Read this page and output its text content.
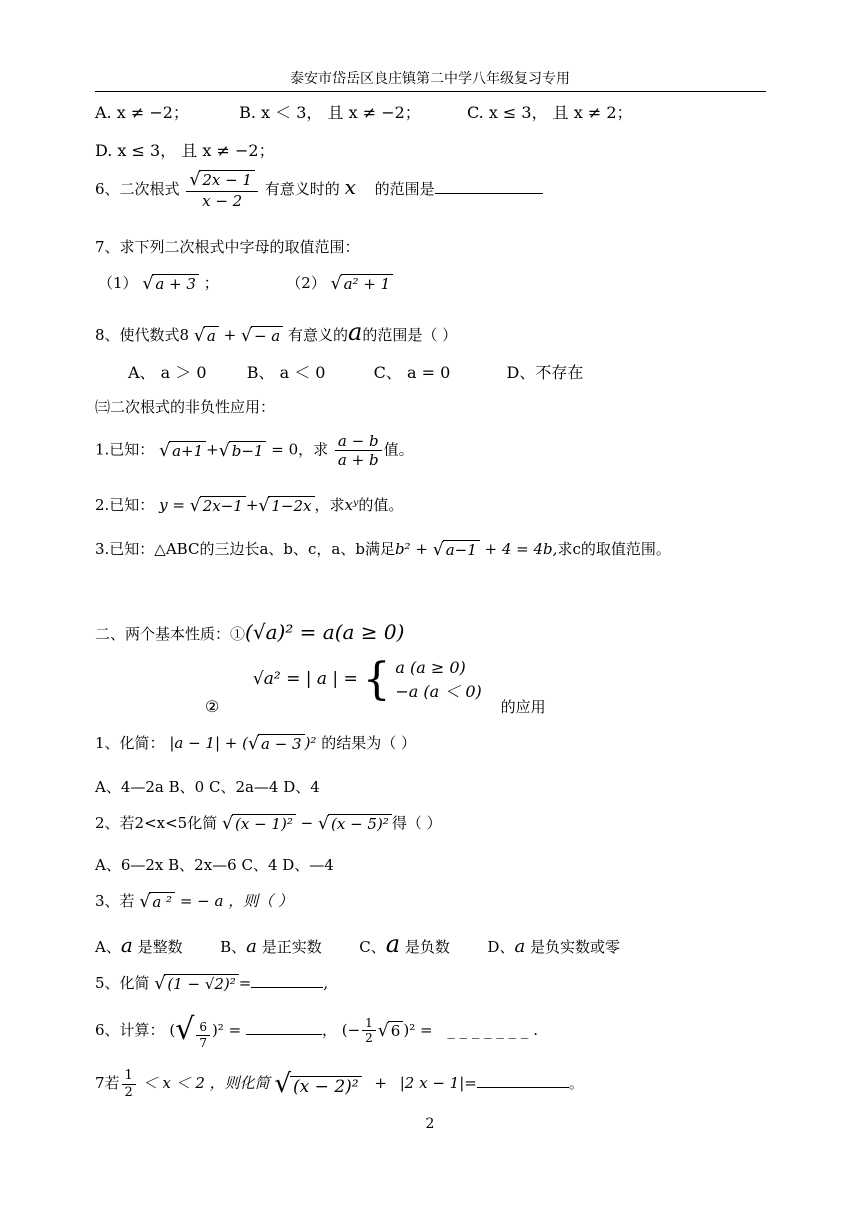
泰安市岱岳区良庄镇第二中学八年级复习专用
A. x ≠ −2；	B. x ＜ 3， 且 x ≠ −2；	C. x ≤ 3， 且 x ≠ 2；
D. x ≤ 3， 且 x ≠ −2；
6、二次根式 $\frac{√ 2x - 1}{x - 2}$ 有意义时的 x 的范围是
7、求下列二次根式中字母的取值范围：
（1） √ a + 3 ；	（2） √ a² + 1
8、使代数式8 √ a + √ − a 有意义的a的范围是（ ）
A、 a ＞ 0	B、 a ＜ 0	C、 a = 0	D、不存在
㈢二次根式的非负性应用：
1.已知： √ a+1 +√ b−1 = 0，求 $\frac{a - b}{a + b}$ 值。
2.已知： y = √ 2x−1 +√ 1−2x ，求xʸ的值。
3.已知：△ABC的三边长a、b、c，a、b满足b² + √ a−1 + 4 = 4b,求c的取值范围。
二、两个基本性质：①(√a)² = a(a ≥ 0)
②  √a² = | a | = { a (a ≥ 0)
−a (a ＜ 0)
的应用
1、化简： |a − 1| + (√ a − 3 )² 的结果为（ ）
A、4—2a B、0 C、2a—4 D、4
2、若2<x<5化简 √ (x − 1)² − √ (x − 5)² 得（ ）
A、6—2x B、2x—6 C、4 D、—4
3、若 √ a ² = − a ，则（ ）
A、a 是整数	B、a 是正实数	C、a 是负数	D、a 是负实数或零
5、化简 √ (1 − √2)² =	,
6、计算： (√ $\frac{6}{7} )^2$ =	， (− $\frac{1}{2}$ √ 6 )² = _ _ _ _ _ _ _ .
7若 $\frac{1}{2} < x < 2$ ，则化简 √ (x − 2)² + |2 x − 1|=	。
2
